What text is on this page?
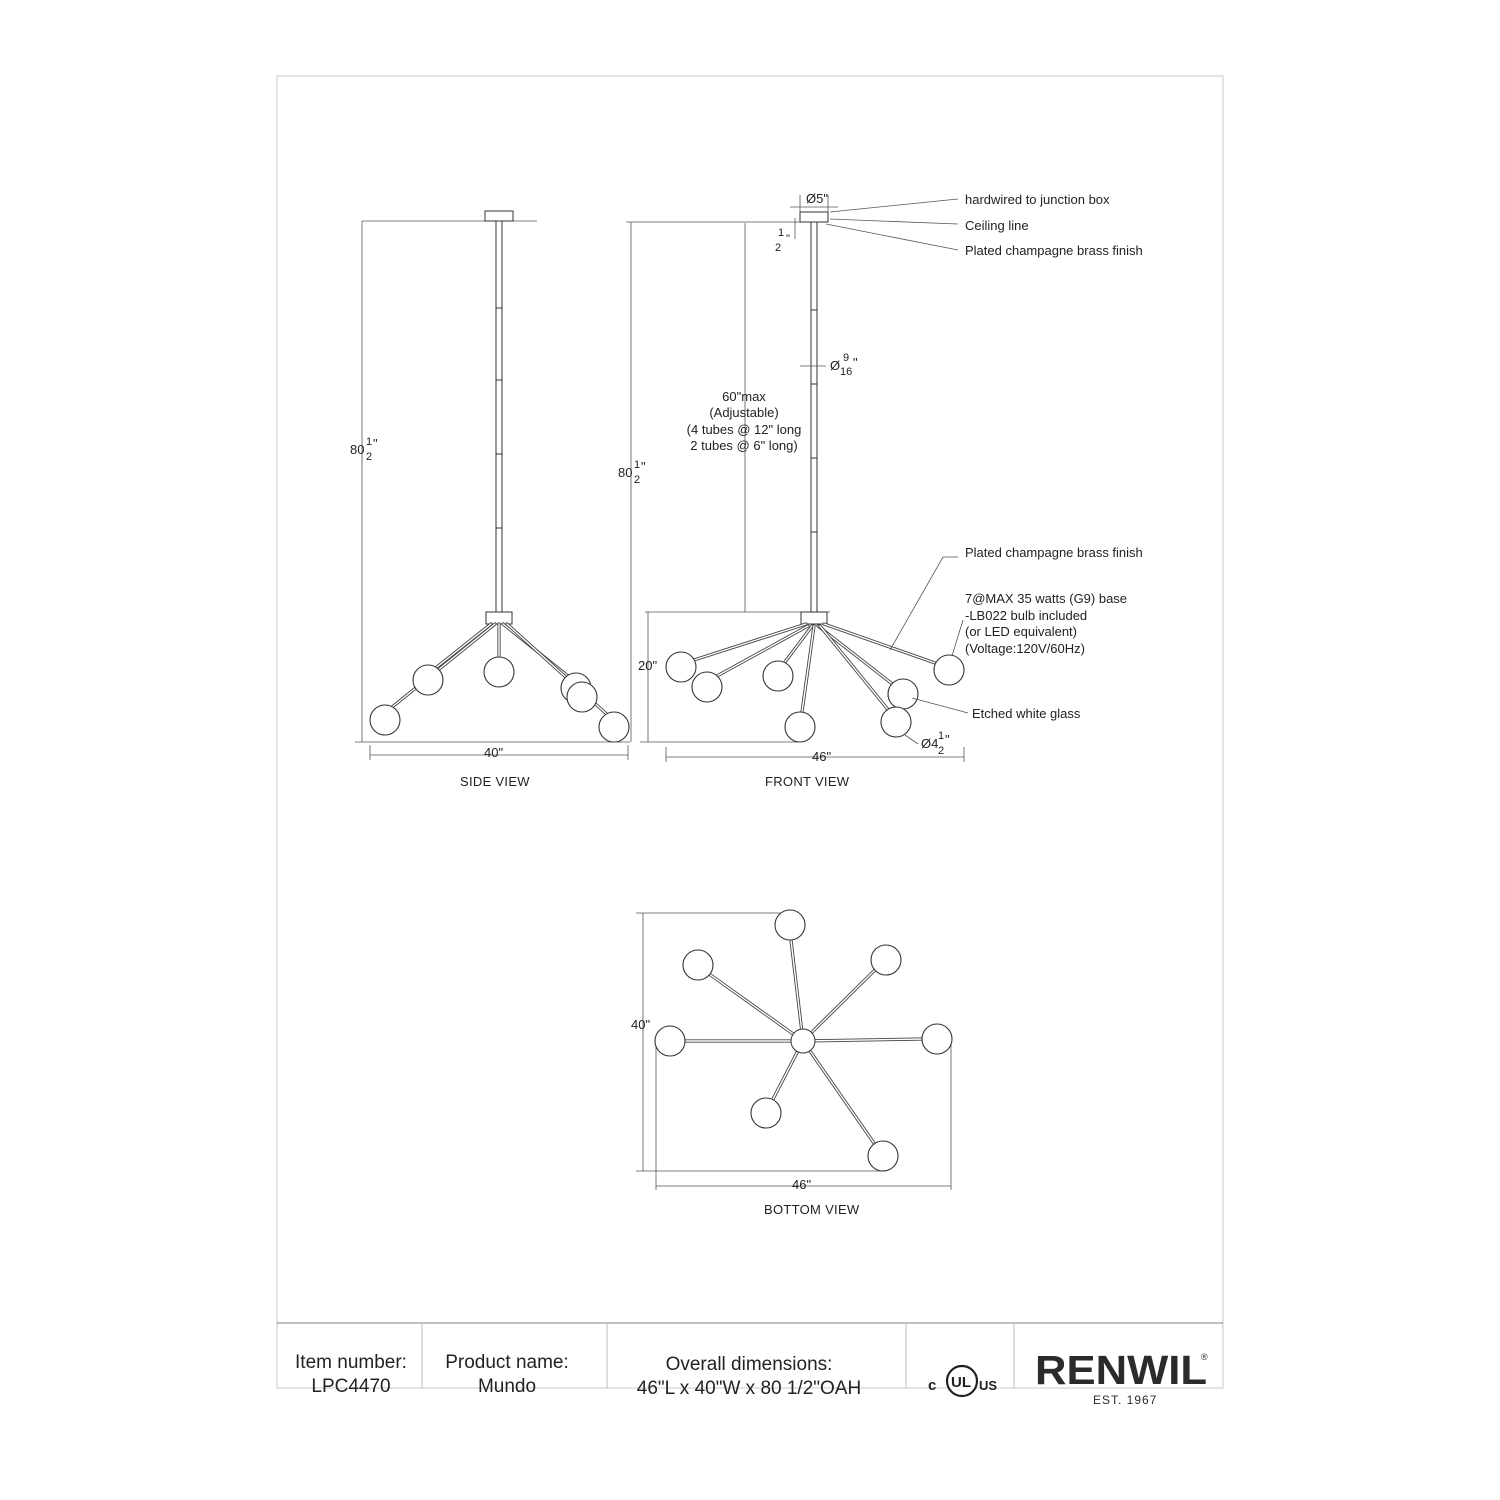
80 1
2
"
40"
SIDE VIEW
Ø5"
1 "
2
Ø 9
16
"
60"max
(Adjustable)
(4 tubes @ 12" long
2 tubes @ 6" long)
80 1
2
"
20"
46"
Ø4 1
2
"
FRONT VIEW
hardwired to junction box
Ceiling line
Plated champagne brass finish
Plated champagne brass finish
7@MAX 35 watts (G9) base
-LB022 bulb included
(or LED equivalent)
(Voltage:120V/60Hz)
Etched white glass
40"
46"
BOTTOM VIEW
Item number:
LPC4470
Product name:
Mundo
Overall dimensions:
46"L x 40"W x 80 1/2"OAH	c UL US RENWIL
®
EST. 1967
